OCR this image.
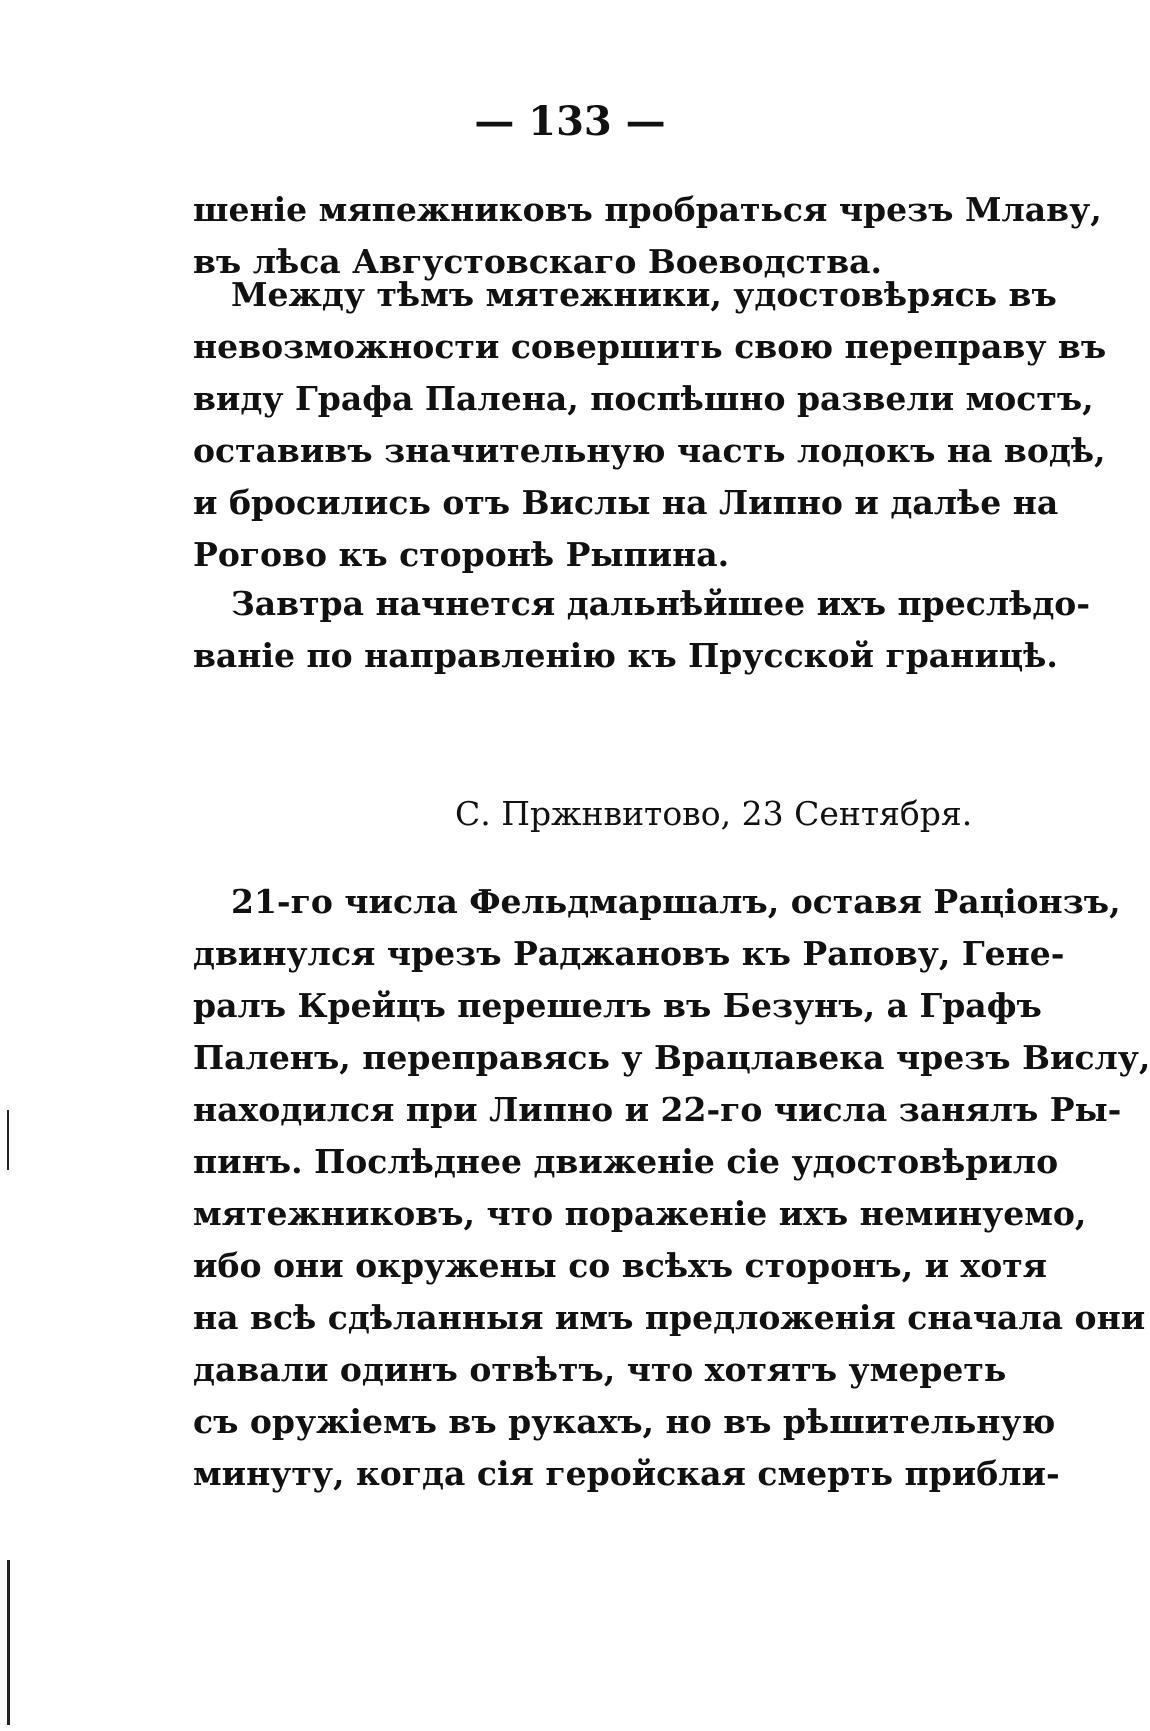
— 133 —
шеніе мяпежниковъ пробраться чрезъ Млаву,
въ лѣса Августовскаго Воеводства.
Между тѣмъ мятежники, удостовѣрясь въ
невозможности совершить свою переправу въ
виду Графа Палена, поспѣшно развели мостъ,
оставивъ значительную часть лодокъ на водѣ,
и бросились отъ Вислы на Липно и далѣе на
Рогово къ сторонѣ Рыпина.
Завтра начнется дальнѣйшее ихъ преслѣдо-
ваніе по направленію къ Прусской границѣ.
С. Пржнвитово, 23 Сентября.
21-го числа Фельдмаршалъ, оставя Раціонзъ,
двинулся чрезъ Раджановъ къ Рапову, Гене-
ралъ Крейцъ перешелъ въ Безунъ, а Графъ
Паленъ, переправясь у Врацлавека чрезъ Вислу,
находился при Липно и 22-го числа занялъ Ры-
пинъ. Послѣднее движеніе сіе удостовѣрило
мятежниковъ, что пораженіе ихъ неминуемо,
ибо они окружены со всѣхъ сторонъ, и хотя
на всѣ сдѣланныя имъ предложенія сначала они
давали одинъ отвѣтъ, что хотятъ умереть
съ оружіемъ въ рукахъ, но въ рѣшительную
минуту, когда сія геройская смерть прибли-
